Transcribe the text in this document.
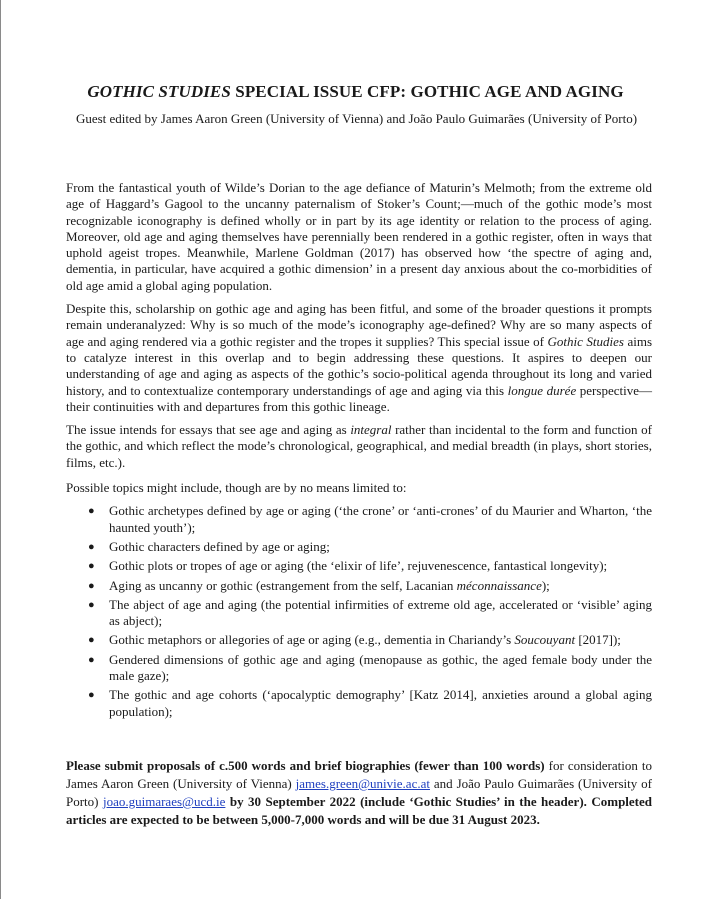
GOTHIC STUDIES SPECIAL ISSUE CFP: GOTHIC AGE AND AGING
Guest edited by James Aaron Green (University of Vienna) and João Paulo Guimarães (University of Porto)

From the fantastical youth of Wilde’s Dorian to the age defiance of Maturin’s Melmoth; from the extreme old age of Haggard’s Gagool to the uncanny paternalism of Stoker’s Count;—much of the gothic mode’s most recognizable iconography is defined wholly or in part by its age identity or relation to the process of aging. Moreover, old age and aging themselves have perennially been rendered in a gothic register, often in ways that uphold ageist tropes. Meanwhile, Marlene Goldman (2017) has observed how ‘the spectre of aging and, dementia, in particular, have acquired a gothic dimension’ in a present day anxious about the co-morbidities of old age amid a global aging population.

Despite this, scholarship on gothic age and aging has been fitful, and some of the broader questions it prompts remain underanalyzed: Why is so much of the mode’s iconography age-defined? Why are so many aspects of age and aging rendered via a gothic register and the tropes it supplies? This special issue of Gothic Studies aims to catalyze interest in this overlap and to begin addressing these questions. It aspires to deepen our understanding of age and aging as aspects of the gothic’s socio-political agenda throughout its long and varied history, and to contextualize contemporary understandings of age and aging via this longue durée perspective—their continuities with and departures from this gothic lineage.

The issue intends for essays that see age and aging as integral rather than incidental to the form and function of the gothic, and which reflect the mode’s chronological, geographical, and medial breadth (in plays, short stories, films, etc.).

Possible topics might include, though are by no means limited to:

● Gothic archetypes defined by age or aging (‘the crone’ or ‘anti-crones’ of du Maurier and Wharton, ‘the haunted youth’);
● Gothic characters defined by age or aging;
● Gothic plots or tropes of age or aging (the ‘elixir of life’, rejuvenescence, fantastical longevity);
● Aging as uncanny or gothic (estrangement from the self, Lacanian méconnaissance);
● The abject of age and aging (the potential infirmities of extreme old age, accelerated or ‘visible’ aging as abject);
● Gothic metaphors or allegories of age or aging (e.g., dementia in Chariandy’s Soucouyant [2017]);
● Gendered dimensions of gothic age and aging (menopause as gothic, the aged female body under the male gaze);
● The gothic and age cohorts (‘apocalyptic demography’ [Katz 2014], anxieties around a global aging population);
Please submit proposals of c.500 words and brief biographies (fewer than 100 words) for consideration to James Aaron Green (University of Vienna) james.green@univie.ac.at and João Paulo Guimarães (University of Porto) joao.guimaraes@ucd.ie by 30 September 2022 (include ‘Gothic Studies’ in the header). Completed articles are expected to be between 5,000-7,000 words and will be due 31 August 2023.
